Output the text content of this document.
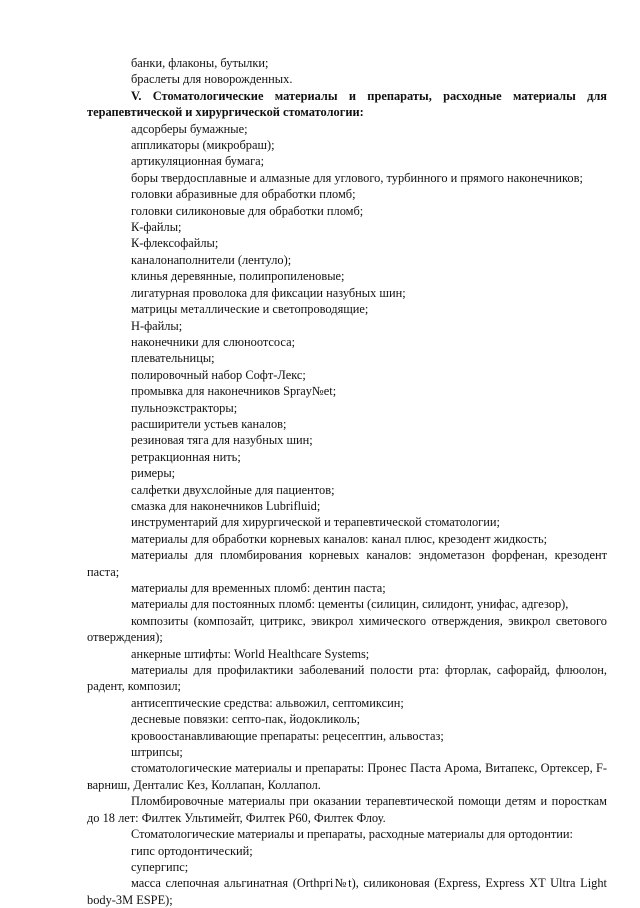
банки, флаконы, бутылки;

браслеты для новорожденных.

V. Стоматологические материалы и препараты, расходные материалы для терапевтической и хирургической стоматологии:

адсорберы бумажные;

аппликаторы (микробраш);

артикуляционная бумага;

боры твердосплавные и алмазные для углового, турбинного и прямого наконечников;

головки абразивные для обработки пломб;

головки силиконовые для обработки пломб;

К-файлы;

К-флексофайлы;

каналонаполнители (лентуло);

клинья деревянные, полипропиленовые;

лигатурная проволока для фиксации назубных шин;

матрицы металлические и светопроводящие;

Н-файлы;

наконечники для слюноотсоса;

плевательницы;

полировочный набор Софт-Лекс;

промывка для наконечников Spray№et;

пульноэкстракторы;

расширители устьев каналов;

резиновая тяга для назубных шин;

ретракционная нить;

римеры;

салфетки двухслойные для пациентов;

смазка для наконечников Lubrifluid;

инструментарий для хирургической и терапевтической стоматологии;

материалы для обработки корневых каналов: канал плюс, крезодент жидкость;

материалы для пломбирования корневых каналов: эндометазон форфенан, крезодент паста;

материалы для временных пломб: дентин паста;

материалы для постоянных пломб: цементы (силицин, силидонт, унифас, адгезор),

композиты (композайт, цитрикс, эвикрол химического отверждения, эвикрол светового отверждения);

анкерные штифты: World Healthcare Systems;

материалы для профилактики заболеваний полости рта: фторлак, сафорайд, флюолон, радент, композил;

антисептические средства: альвожил, септомиксин;

десневые повязки: септо-пак, йодокликоль;

кровоостанавливающие препараты: рецесептин, альвостаз;

штрипсы;

стоматологические материалы и препараты: Пронес Паста Арома, Витапекс, Ортексер, F-варниш, Денталис Кез, Коллапан, Коллапол.

Пломбировочные материалы при оказании терапевтической помощи детям и пороcткам до 18 лет: Филтек Ультимейт, Филтек Р60, Филтек Флоу.

Стоматологические материалы и препараты, расходные материалы для ортодонтии:

гипс ортодонтический;

супергипс;

масса слепочная альгинатная (Orthpri№t), силиконовая (Express, Express XT Ultra Light body-3M ESPE);
